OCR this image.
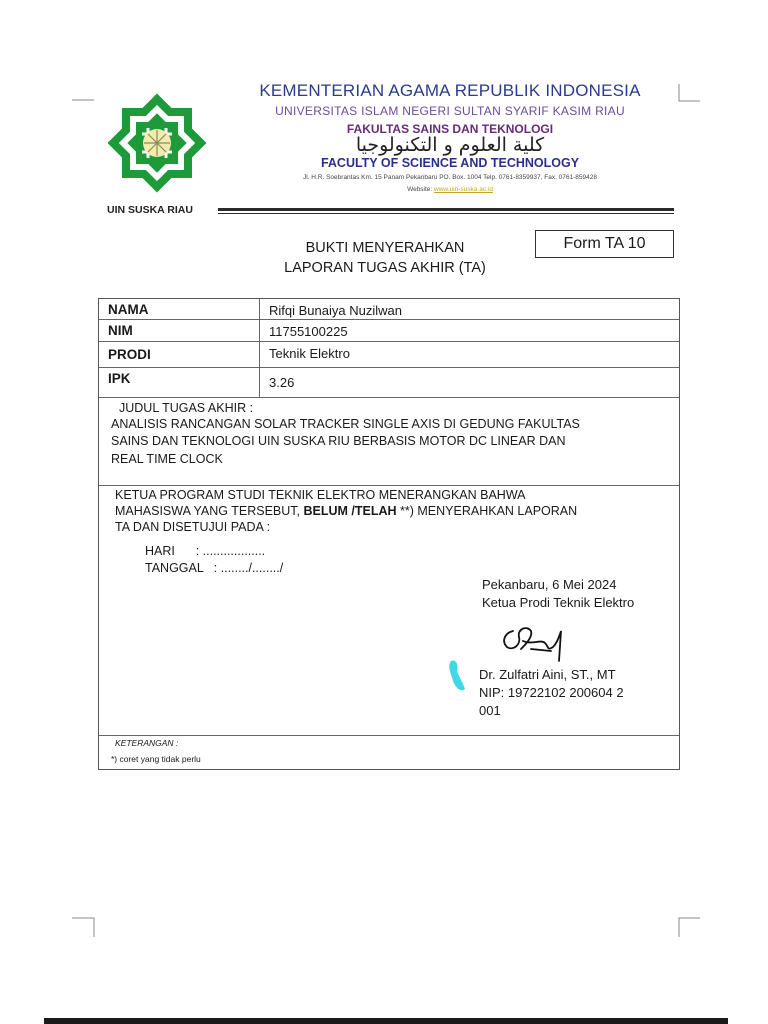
UIN SUSKA RIAU
KEMENTERIAN AGAMA REPUBLIK INDONESIA
UNIVERSITAS ISLAM NEGERI SULTAN SYARIF KASIM RIAU
FAKULTAS SAINS DAN TEKNOLOGI
كلية العلوم و التكنولوجيا
FACULTY OF SCIENCE AND TECHNOLOGY
Jl. H.R. Soebrantas Km. 15 Panam Pekanbaru PO. Box. 1004 Telp. 0761-8359937, Fax. 0761-859428
Website: www.uin-suska.ac.id
BUKTI MENYERAHKAN
LAPORAN TUGAS AKHIR (TA)
Form TA 10
NAMA	Rifqi Bunaiya Nuzilwan
NIM	11755100225
PRODI	Teknik Elektro
IPK	3.26
JUDUL TUGAS AKHIR :
ANALISIS RANCANGAN SOLAR TRACKER SINGLE AXIS DI GEDUNG FAKULTAS
SAINS DAN TEKNOLOGI UIN SUSKA RIU BERBASIS MOTOR DC LINEAR DAN
REAL TIME CLOCK
KETUA PROGRAM STUDI TEKNIK ELEKTRO MENERANGKAN BAHWA
MAHASISWA YANG TERSEBUT, BELUM /TELAH **) MENYERAHKAN LAPORAN
TA DAN DISETUJUI PADA :
HARI      : ..................
TANGGAL   : ......../......../
Pekanbaru, 6 Mei 2024
Ketua Prodi Teknik Elektro
Dr. Zulfatri Aini, ST., MT
NIP: 19722102 200604 2
001
KETERANGAN :
*) coret yang tidak perlu
